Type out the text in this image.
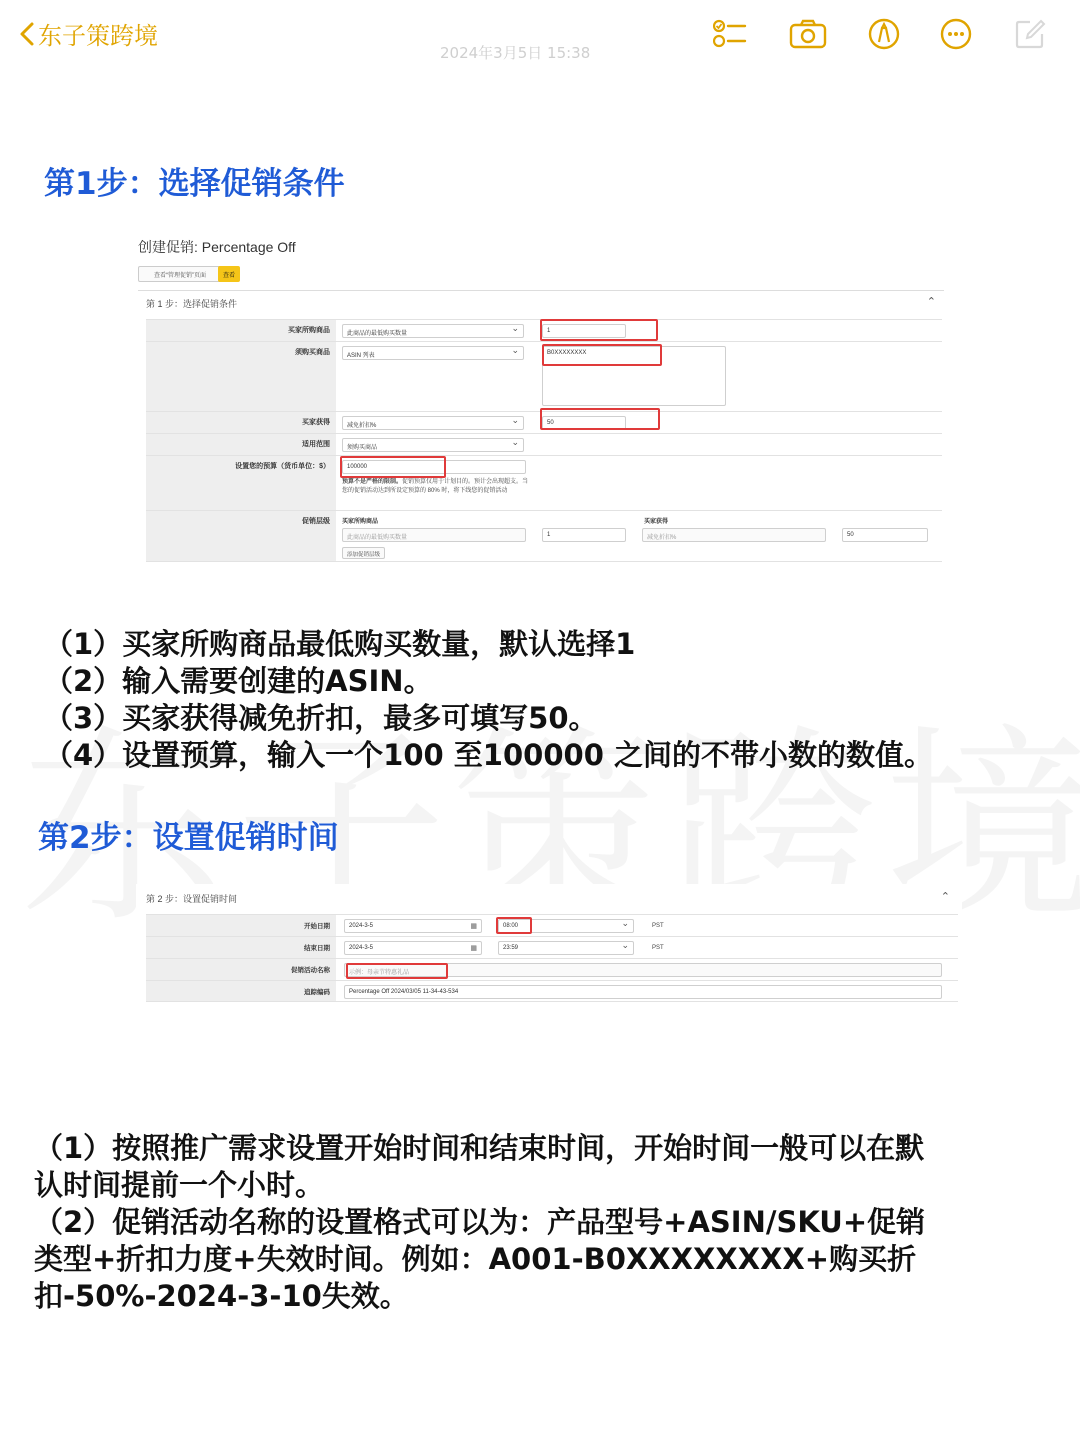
东子策跨境
2024年3月5日 15:38
第1步：选择促销条件
创建促销: Percentage Off
查看“管理促销”页面	查看
第 1 步：选择促销条件	⌃
买家所购商品	此商品的最低购买数量 ⌄	1
须购买商品	ASIN 列表 ⌄	B0XXXXXXXX
买家获得	减免折扣% ⌄	50
适用范围	须购买商品 ⌄
设置您的预算（货币单位：$）	100000
预算不是严格的限制。促销预算仅用于计划目的。预计会出现超支。当您的促销活动达到所设定预算的 80% 时，将下线您的促销活动
促销层级	买家所购商品	买家获得
此商品的最低购买数量	1	减免折扣%	50
添加促销层级
（1）买家所购商品最低购买数量，默认选择1
（2）输入需要创建的ASIN。
（3）买家获得减免折扣，最多可填写50。
（4）设置预算，输入一个100 至100000 之间的不带小数的数值。
第2步：设置促销时间
第 2 步：设置促销时间	⌃
开始日期	2024-3-5	▦	08:00 ⌄	PST
结束日期	2024-3-5	▦	23:59 ⌄	PST
促销活动名称	示例：母亲节特惠礼品
追踪编码	Percentage Off 2024/03/05 11-34-43-534
（1）按照推广需求设置开始时间和结束时间，开始时间一般可以在默
认时间提前一个小时。
（2）促销活动名称的设置格式可以为：产品型号+ASIN/SKU+促销
类型+折扣力度+失效时间。例如：A001-B0XXXXXXXX+购买折
扣-50%-2024-3-10失效。
